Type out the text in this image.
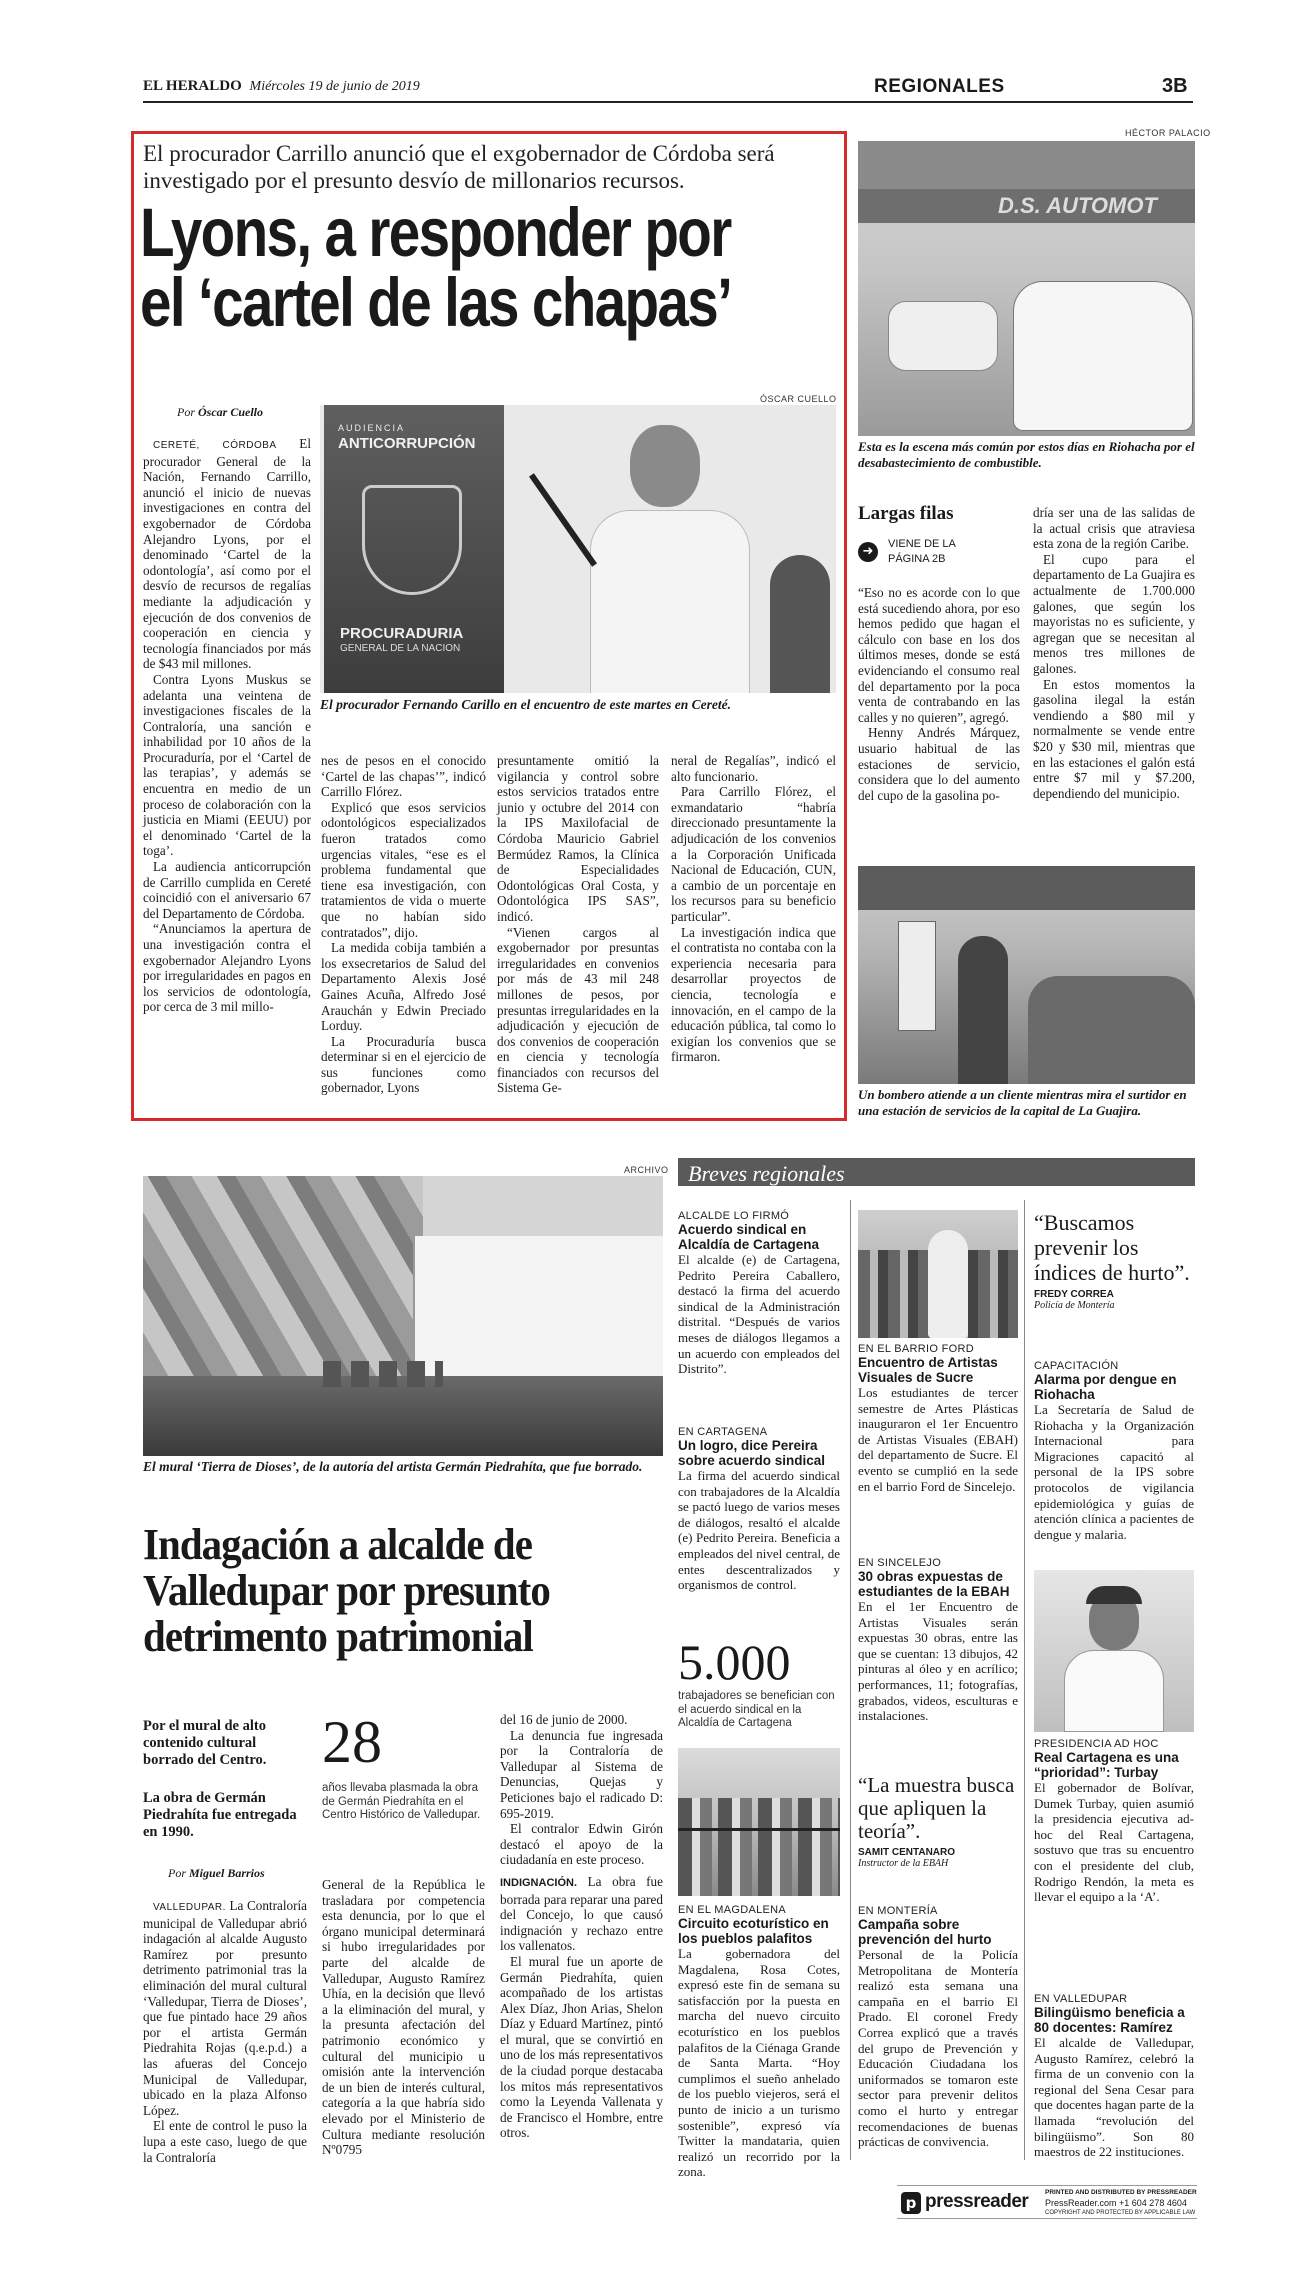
EL HERALDO Miércoles 19 de junio de 2019	REGIONALES	3B
El procurador Carrillo anunció que el exgobernador de Córdoba será investigado por el presunto desvío de millonarios recursos.
Lyons, a responder por
el ‘cartel de las chapas’
Por Óscar Cuello
ÓSCAR CUELLO
AUDIENCIA
ANTICORRUPCIÓN
PROCURADURIA
GENERAL DE LA NACION
El procurador Fernando Carillo en el encuentro de este martes en Cereté.

CERETÉ, CÓRDOBA El procurador General de la Nación, Fernando Carrillo, anunció el inicio de nuevas investigaciones en contra del exgobernador de Córdoba Alejandro Lyons, por el denominado ‘Cartel de la odontología’, así como por el desvío de recursos de regalías mediante la adjudicación y ejecución de dos convenios de cooperación en ciencia y tecnología financiados por más de $43 mil millones.

Contra Lyons Muskus se adelanta una veintena de investigaciones fiscales de la Contraloría, una sanción e inhabilidad por 10 años de la Procuraduría, por el ‘Cartel de las terapias’, y además se encuentra en medio de un proceso de colaboración con la justicia en Miami (EEUU) por el denominado ‘Cartel de la toga’.

La audiencia anticorrupción de Carrillo cumplida en Cereté coincidió con el aniversario 67 del Departamento de Córdoba.

“Anunciamos la apertura de una investigación contra el exgobernador Alejandro Lyons por irregularidades en pagos en los servicios de odontología, por cerca de 3 mil millo-

nes de pesos en el conocido ‘Cartel de las chapas’”, indicó Carrillo Flórez.

Explicó que esos servicios odontológicos especializados fueron tratados como urgencias vitales, “ese es el problema fundamental que tiene esa investigación, con tratamientos de vida o muerte que no habían sido contratados”, dijo.

La medida cobija también a los exsecretarios de Salud del Departamento Alexis José Gaines Acuña, Alfredo José Arauchán y Edwin Preciado Lorduy.

La Procuraduría busca determinar si en el ejercicio de sus funciones como gobernador, Lyons

presuntamente omitió la vigilancia y control sobre estos servicios tratados entre junio y octubre del 2014 con la IPS Maxilofacial de Córdoba Mauricio Gabriel Bermúdez Ramos, la Clínica de Especialidades Odontológicas Oral Costa, y Odontológica IPS SAS”, indicó.

“Vienen cargos al exgobernador por presuntas irregularidades en convenios por más de 43 mil 248 millones de pesos, por presuntas irregularidades en la adjudicación y ejecución de dos convenios de cooperación en ciencia y tecnología financiados con recursos del Sistema Ge-

neral de Regalías”, indicó el alto funcionario.

Para Carrillo Flórez, el exmandatario “habría direccionado presuntamente la adjudicación de los convenios a la Corporación Unificada Nacional de Educación, CUN, a cambio de un porcentaje en los recursos para su beneficio particular”.

La investigación indica que el contratista no contaba con la experiencia necesaria para desarrollar proyectos de ciencia, tecnología e innovación, en el campo de la educación pública, tal como lo exigían los convenios que se firmaron.

HÉCTOR PALACIO
D.S. AUTOMOT
Esta es la escena más común por estos días en Riohacha por el desabastecimiento de combustible.
Largas filas
➜	VIENE DE LA
PÁGINA 2B

“Eso no es acorde con lo que está sucediendo ahora, por eso hemos pedido que hagan el cálculo con base en los dos últimos meses, donde se está evidenciando el consumo real del departamento por la poca venta de contrabando en las calles y no quieren”, agregó.

Henny Andrés Márquez, usuario habitual de las estaciones de servicio, considera que lo del aumento del cupo de la gasolina po-

dría ser una de las salidas de la actual crisis que atraviesa esta zona de la región Caribe.

El cupo para el departamento de La Guajira es actualmente de 1.700.000 galones, que según los mayoristas no es suficiente, y agregan que se necesitan al menos tres millones de galones.

En estos momentos la gasolina ilegal la están vendiendo a $80 mil y normalmente se vende entre $20 y $30 mil, mientras que en las estaciones el galón está entre $7 mil y $7.200, dependiendo del municipio.

Un bombero atiende a un cliente mientras mira el surtidor en una estación de servicios de la capital de La Guajira.
ARCHIVO
El mural ‘Tierra de Dioses’, de la autoría del artista Germán Piedrahíta, que fue borrado.
Indagación a alcalde de Valledupar por presunto detrimento patrimonial
Por el mural de alto contenido cultural borrado del Centro.
La obra de Germán Piedrahíta fue entregada en 1990.
Por Miguel Barrios
28
años llevaba plasmada la obra de Germán Piedrahíta en el Centro Histórico de Valledupar.

VALLEDUPAR. La Contraloría municipal de Valledupar abrió indagación al alcalde Augusto Ramírez por presunto detrimento patrimonial tras la eliminación del mural cultural ‘Valledupar, Tierra de Dioses’, que fue pintado hace 29 años por el artista Germán Piedrahita Rojas (q.e.p.d.) a las afueras del Concejo Municipal de Valledupar, ubicado en la plaza Alfonso López.

El ente de control le puso la lupa a este caso, luego de que la Contraloría

General de la República le trasladara por competencia esta denuncia, por lo que el órgano municipal determinará si hubo irregularidades por parte del alcalde de Valledupar, Augusto Ramírez Uhía, en la decisión que llevó a la eliminación del mural, y la presunta afectación del patrimonio económico y cultural del municipio u omisión ante la intervención de un bien de interés cultural, categoría a la que habría sido elevado por el Ministerio de Cultura mediante resolución Nº0795

del 16 de junio de 2000.

La denuncia fue ingresada por la Contraloría de Valledupar al Sistema de Denuncias, Quejas y Peticiones bajo el radicado D: 695-2019.

El contralor Edwin Girón destacó el apoyo de la ciudadanía en este proceso.

INDIGNACIÓN. La obra fue borrada para reparar una pared del Concejo, lo que causó indignación y rechazo entre los vallenatos.

El mural fue un aporte de Germán Piedrahíta, quien acompañado de los artistas Alex Díaz, Jhon Arias, Shelon Díaz y Eduard Martínez, pintó el mural, que se convirtió en uno de los más representativos de la ciudad porque destacaba los mitos más representativos como la Leyenda Vallenata y de Francisco el Hombre, entre otros.

Breves regionales
ALCALDE LO FIRMÓ
Acuerdo sindical en Alcaldía de Cartagena
El alcalde (e) de Cartagena, Pedrito Pereira Caballero, destacó la firma del acuerdo sindical de la Administración distrital. “Después de varios meses de diálogos llegamos a un acuerdo con empleados del Distrito”.
EN CARTAGENA
Un logro, dice Pereira sobre acuerdo sindical
La firma del acuerdo sindical con trabajadores de la Alcaldía se pactó luego de varios meses de diálogos, resaltó el alcalde (e) Pedrito Pereira. Beneficia a empleados del nivel central, de entes descentralizados y organismos de control.
5.000
trabajadores se benefician con el acuerdo sindical en la Alcaldía de Cartagena
EN EL MAGDALENA
Circuito ecoturístico en los pueblos palafitos
La gobernadora del Magdalena, Rosa Cotes, expresó este fin de semana su satisfacción por la puesta en marcha del nuevo circuito ecoturístico en los pueblos palafitos de la Ciénaga Grande de Santa Marta. “Hoy cumplimos el sueño anhelado de los pueblo viejeros, será el punto de inicio a un turismo sostenible”, expresó vía Twitter la mandataria, quien realizó un recorrido por la zona.
EN EL BARRIO FORD
Encuentro de Artistas Visuales de Sucre
Los estudiantes de tercer semestre de Artes Plásticas inauguraron el 1er Encuentro de Artistas Visuales (EBAH) del departamento de Sucre. El evento se cumplió en la sede en el barrio Ford de Sincelejo.
EN SINCELEJO
30 obras expuestas de estudiantes de la EBAH
En el 1er Encuentro de Artistas Visuales serán expuestas 30 obras, entre las que se cuentan: 13 dibujos, 42 pinturas al óleo y en acrílico; performances, 11; fotografías, grabados, videos, esculturas e instalaciones.
“La muestra busca que apliquen la teoría”.
SAMIT CENTANARO
Instructor de la EBAH
EN MONTERÍA
Campaña sobre prevención del hurto
Personal de la Policía Metropolitana de Montería realizó esta semana una campaña en el barrio El Prado. El coronel Fredy Correa explicó que a través del grupo de Prevención y Educación Ciudadana los uniformados se tomaron este sector para prevenir delitos como el hurto y entregar recomendaciones de buenas prácticas de convivencia.
“Buscamos prevenir los índices de hurto”.
FREDY CORREA
Policía de Montería
CAPACITACIÓN
Alarma por dengue en Riohacha
La Secretaría de Salud de Riohacha y la Organización Internacional para Migraciones capacitó al personal de la IPS sobre protocolos de vigilancia epidemiológica y guías de atención clínica a pacientes de dengue y malaria.
PRESIDENCIA AD HOC
Real Cartagena es una “prioridad”: Turbay
El gobernador de Bolívar, Dumek Turbay, quien asumió la presidencia ejecutiva ad-hoc del Real Cartagena, sostuvo que tras su encuentro con el presidente del club, Rodrigo Rendón, la meta es llevar el equipo a la ‘A’.
EN VALLEDUPAR
Bilingüismo beneficia a 80 docentes: Ramírez
El alcalde de Valledupar, Augusto Ramírez, celebró la firma de un convenio con la regional del Sena Cesar para que docentes hagan parte de la llamada “revolución del bilingüismo”. Son 80 maestros de 22 instituciones.
p pressreader	PRINTED AND DISTRIBUTED BY PRESSREADER
PressReader.com +1 604 278 4604
COPYRIGHT AND PROTECTED BY APPLICABLE LAW
